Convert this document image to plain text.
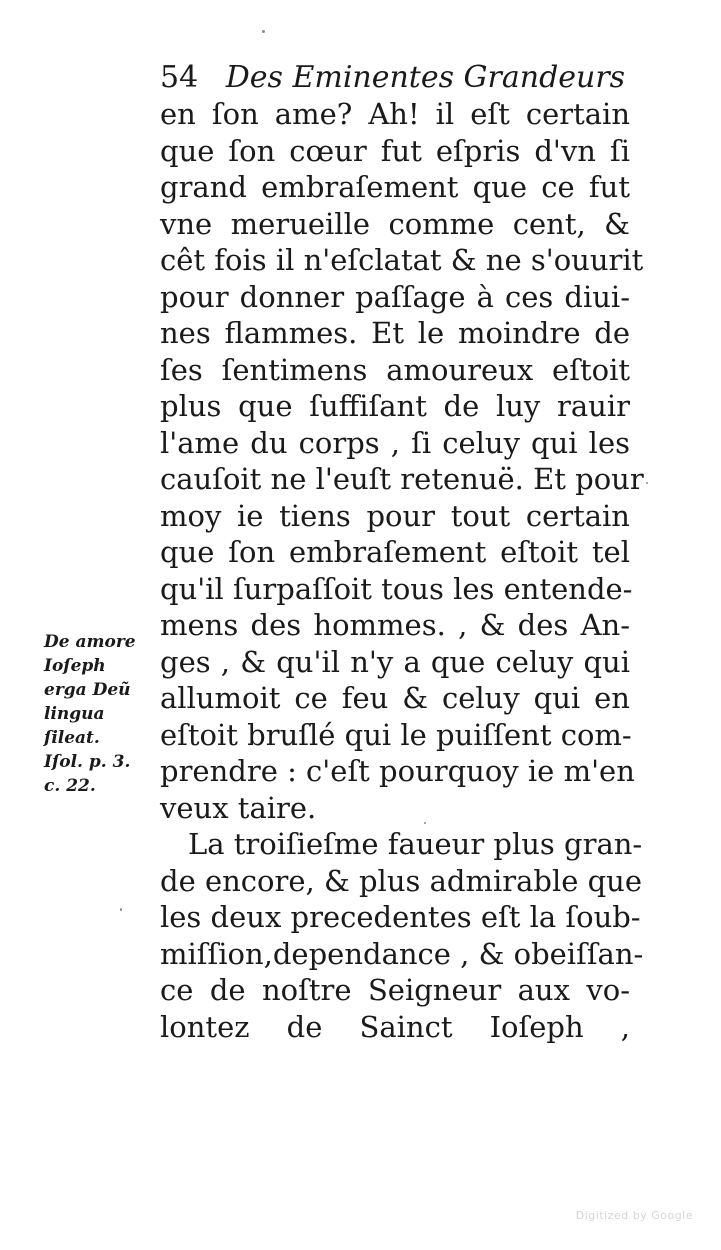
54 Des Eminentes Grandeurs
en ſon ame? Ah! il eſt certain
que ſon cœur fut eſpris d'vn ſi
grand embraſement que ce fut
vne merueille comme cent, &
cêt fois il n'eſclatat & ne s'ouurit
pour donner paſſage à ces diui-
nes flammes. Et le moindre de
ſes ſentimens amoureux eſtoit
plus que ſuffiſant de luy rauir
l'ame du corps , ſi celuy qui les
cauſoit ne l'euſt retenuë. Et pour
moy ie tiens pour tout certain
que ſon embraſement eſtoit tel
qu'il ſurpaſſoit tous les entende-
mens des hommes. , & des An-
ges , & qu'il n'y a que celuy qui
allumoit ce feu & celuy qui en
eſtoit bruſlé qui le puiſſent com-
prendre : c'eſt pourquoy ie m'en
veux taire.
La troiſieſme faueur plus gran-
de encore, & plus admirable que
les deux precedentes eſt la ſoub-
miſſion,dependance , & obeiſſan-
ce de noſtre Seigneur aux vo-
lontez de Sainct Ioſeph ,
De amore
Ioſeph
erga Deũ
lingua
ſileat.
Iſol. p. 3.
c. 22.
Digitized by Google
